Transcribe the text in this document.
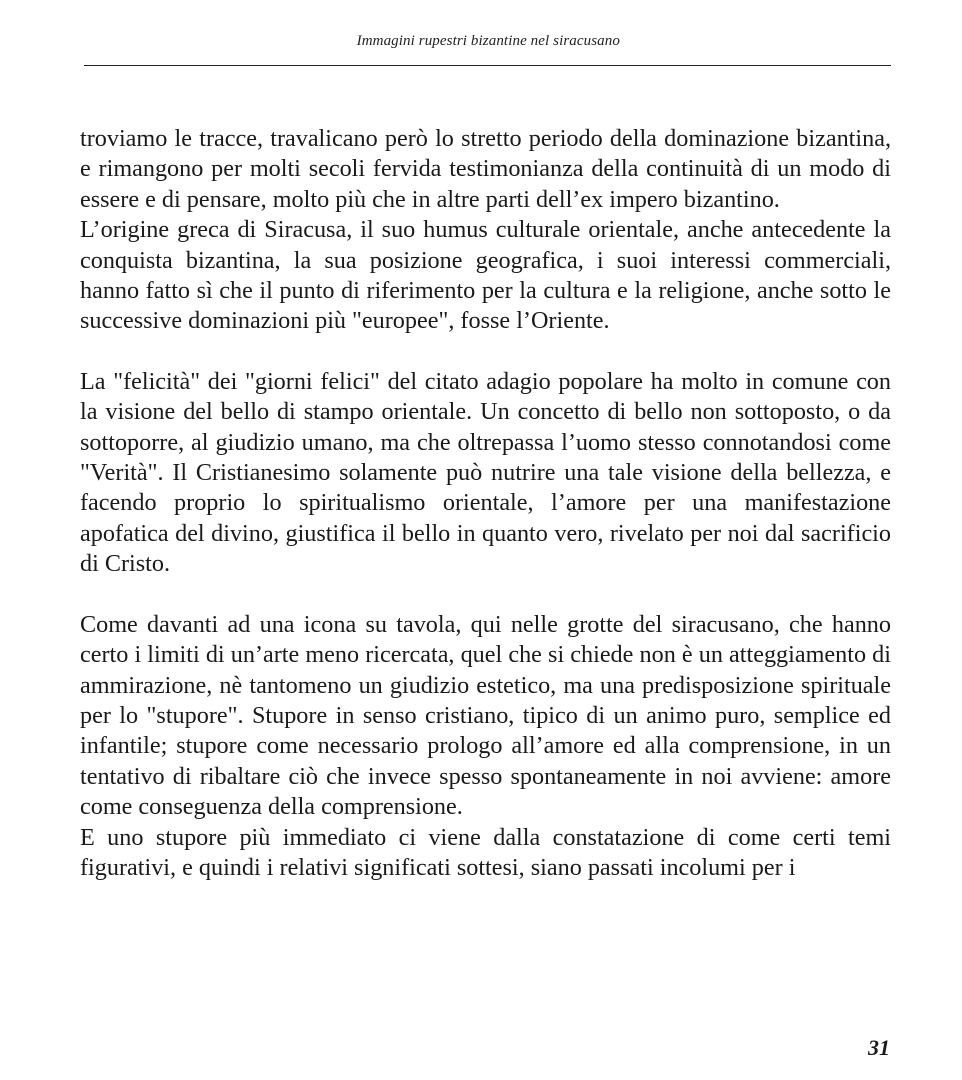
Immagini rupestri bizantine nel siracusano

troviamo le tracce, travalicano però lo stretto periodo della dominazione bizantina, e rimangono per molti secoli fervida testimonianza della continuità di un modo di essere e di pensare, molto più che in altre parti dell’ex impero bizantino.

L’origine greca di Siracusa, il suo humus culturale orientale, anche antecedente la conquista bizantina, la sua posizione geografica, i suoi interessi commerciali, hanno fatto sì che il punto di riferimento per la cultura e la religione, anche sotto le successive dominazioni più "europee", fosse l’Oriente.

La "felicità" dei "giorni felici" del citato adagio popolare ha molto in comune con la visione del bello di stampo orientale. Un concetto di bello non sottoposto, o da sottoporre, al giudizio umano, ma che oltrepassa l’uomo stesso connotandosi come "Verità". Il Cristianesimo solamente può nutrire una tale visione della bellezza, e facendo proprio lo spiritualismo orientale, l’amore per una manifestazione apofatica del divino, giustifica il bello in quanto vero, rivelato per noi dal sacrificio di Cristo.

Come davanti ad una icona su tavola, qui nelle grotte del siracusano, che hanno certo i limiti di un’arte meno ricercata, quel che si chiede non è un atteggiamento di ammirazione, nè tantomeno un giudizio estetico, ma una predisposizione spirituale per lo "stupore". Stupore in senso cristiano, tipico di un animo puro, semplice ed infantile; stupore come necessario prologo all’amore ed alla comprensione, in un tentativo di ribaltare ciò che invece spesso spontaneamente in noi avviene: amore come conseguenza della comprensione.

E uno stupore più immediato ci viene dalla constatazione di come certi temi figurativi, e quindi i relativi significati sottesi, siano passati incolumi per i

31
